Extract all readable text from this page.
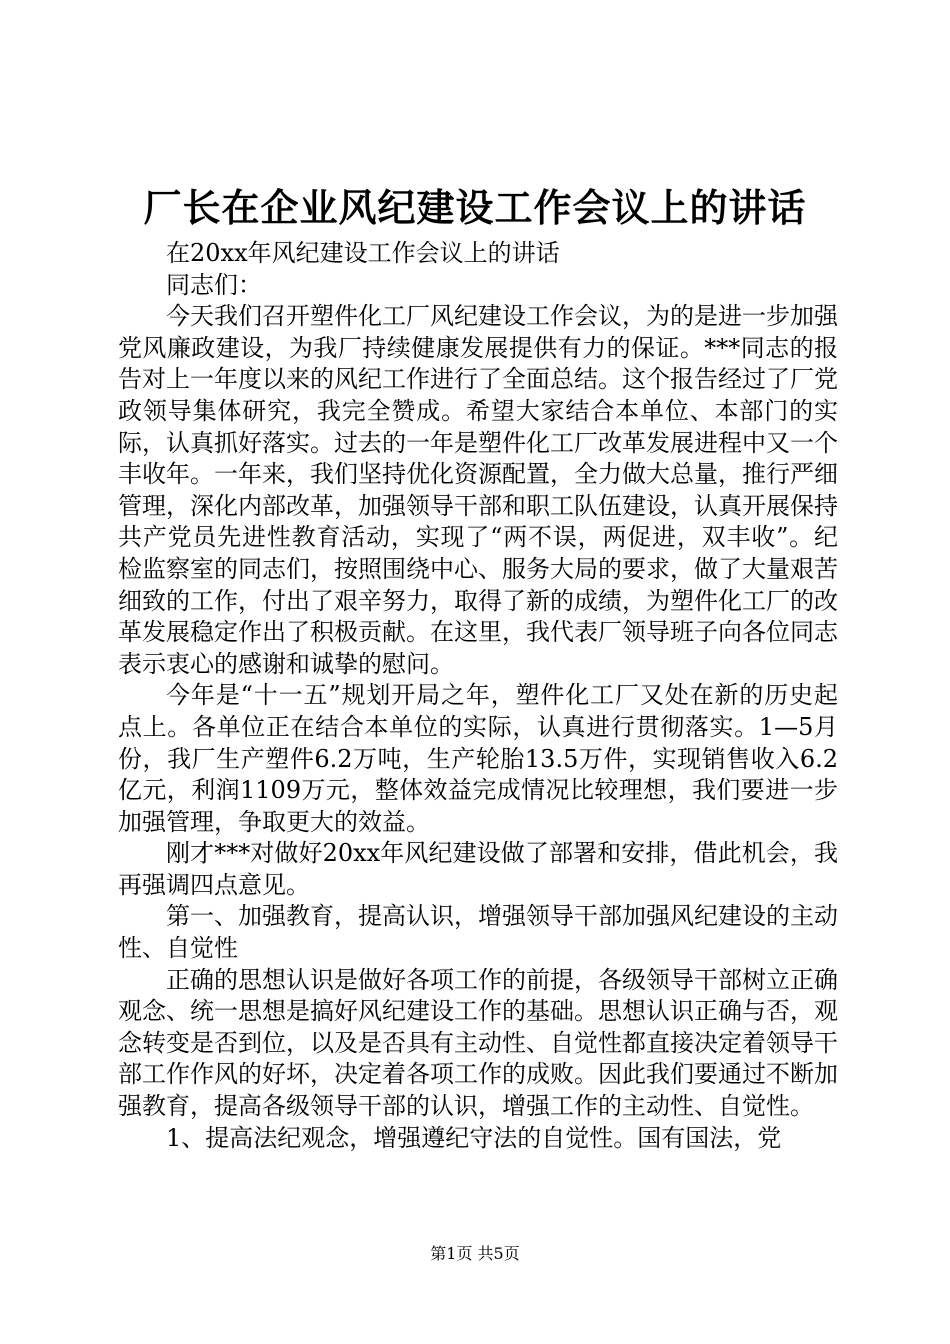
厂长在企业风纪建设工作会议上的讲话

在20xx年风纪建设工作会议上的讲话

同志们：

今天我们召开塑件化工厂风纪建设工作会议，为的是进一步加强党风廉政建设，为我厂持续健康发展提供有力的保证。***同志的报告对上一年度以来的风纪工作进行了全面总结。这个报告经过了厂党政领导集体研究，我完全赞成。希望大家结合本单位、本部门的实际，认真抓好落实。过去的一年是塑件化工厂改革发展进程中又一个丰收年。一年来，我们坚持优化资源配置，全力做大总量，推行严细管理，深化内部改革，加强领导干部和职工队伍建设，认真开展保持共产党员先进性教育活动，实现了“两不误，两促进，双丰收”。纪检监察室的同志们，按照围绕中心、服务大局的要求，做了大量艰苦细致的工作，付出了艰辛努力，取得了新的成绩，为塑件化工厂的改革发展稳定作出了积极贡献。在这里，我代表厂领导班子向各位同志表示衷心的感谢和诚挚的慰问。

今年是“十一五”规划开局之年，塑件化工厂又处在新的历史起点上。各单位正在结合本单位的实际，认真进行贯彻落实。1—5月份，我厂生产塑件6.2万吨，生产轮胎13.5万件，实现销售收入6.2亿元，利润1109万元，整体效益完成情况比较理想，我们要进一步加强管理，争取更大的效益。

刚才***对做好20xx年风纪建设做了部署和安排，借此机会，我再强调四点意见。

第一、加强教育，提高认识，增强领导干部加强风纪建设的主动性、自觉性

正确的思想认识是做好各项工作的前提，各级领导干部树立正确观念、统一思想是搞好风纪建设工作的基础。思想认识正确与否，观念转变是否到位，以及是否具有主动性、自觉性都直接决定着领导干部工作作风的好坏，决定着各项工作的成败。因此我们要通过不断加强教育，提高各级领导干部的认识，增强工作的主动性、自觉性。

1、提高法纪观念，增强遵纪守法的自觉性。国有国法，党

第1页 共5页
